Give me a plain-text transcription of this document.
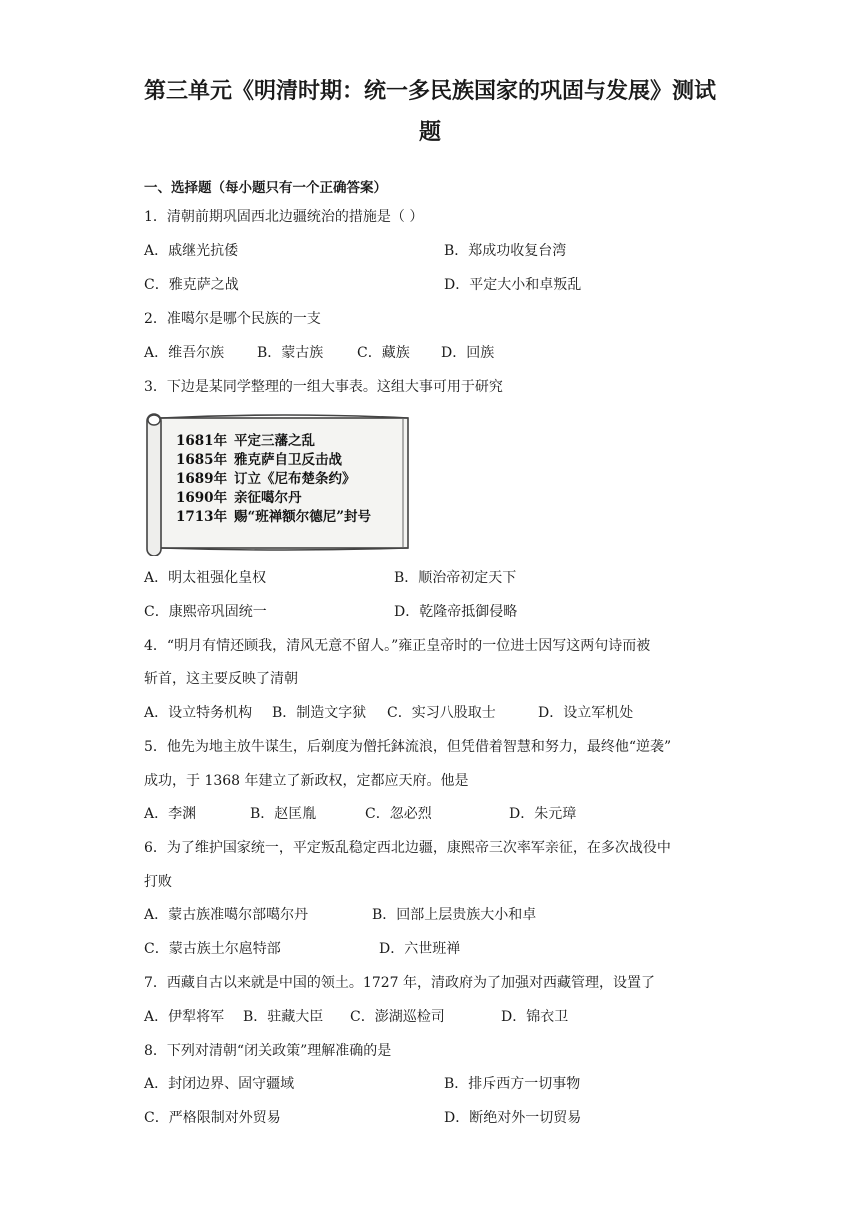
第三单元《明清时期：统一多民族国家的巩固与发展》测试
题
一、选择题（每小题只有一个正确答案）
1．清朝前期巩固西北边疆统治的措施是（ ）
A．戚继光抗倭	B．郑成功收复台湾
C．雅克萨之战	D．平定大小和卓叛乱
2．准噶尔是哪个民族的一支
A．维吾尔族 B．蒙古族 C．藏族 D．回族
3．下边是某同学整理的一组大事表。这组大事可用于研究
1681年 平定三藩之乱
1685年 雅克萨自卫反击战
1689年 订立《尼布楚条约》
1690年 亲征噶尔丹
1713年 赐“班禅额尔德尼”封号
A．明太祖强化皇权	B．顺治帝初定天下
C．康熙帝巩固统一	D．乾隆帝抵御侵略
4．“明月有情还顾我，清风无意不留人。”雍正皇帝时的一位进士因写这两句诗而被
斩首，这主要反映了清朝
A．设立特务机构 B．制造文字狱 C．实习八股取士	D．设立军机处
5．他先为地主放牛谋生，后剃度为僧托鉢流浪，但凭借着智慧和努力，最终他“逆袭”
成功，于 1368 年建立了新政权，定都应天府。他是
A．李渊	B．赵匡胤	C．忽必烈	D．朱元璋
6．为了维护国家统一，平定叛乱稳定西北边疆，康熙帝三次率军亲征，在多次战役中
打败
A．蒙古族准噶尔部噶尔丹	B．回部上层贵族大小和卓
C．蒙古族土尔扈特部	D．六世班禅
7．西藏自古以来就是中国的领土。1727 年，清政府为了加强对西藏管理，设置了
A．伊犁将军 B．驻藏大臣 C．澎湖巡检司	D．锦衣卫
8．下列对清朝“闭关政策”理解准确的是
A．封闭边界、固守疆域	B．排斥西方一切事物
C．严格限制对外贸易	D．断绝对外一切贸易
